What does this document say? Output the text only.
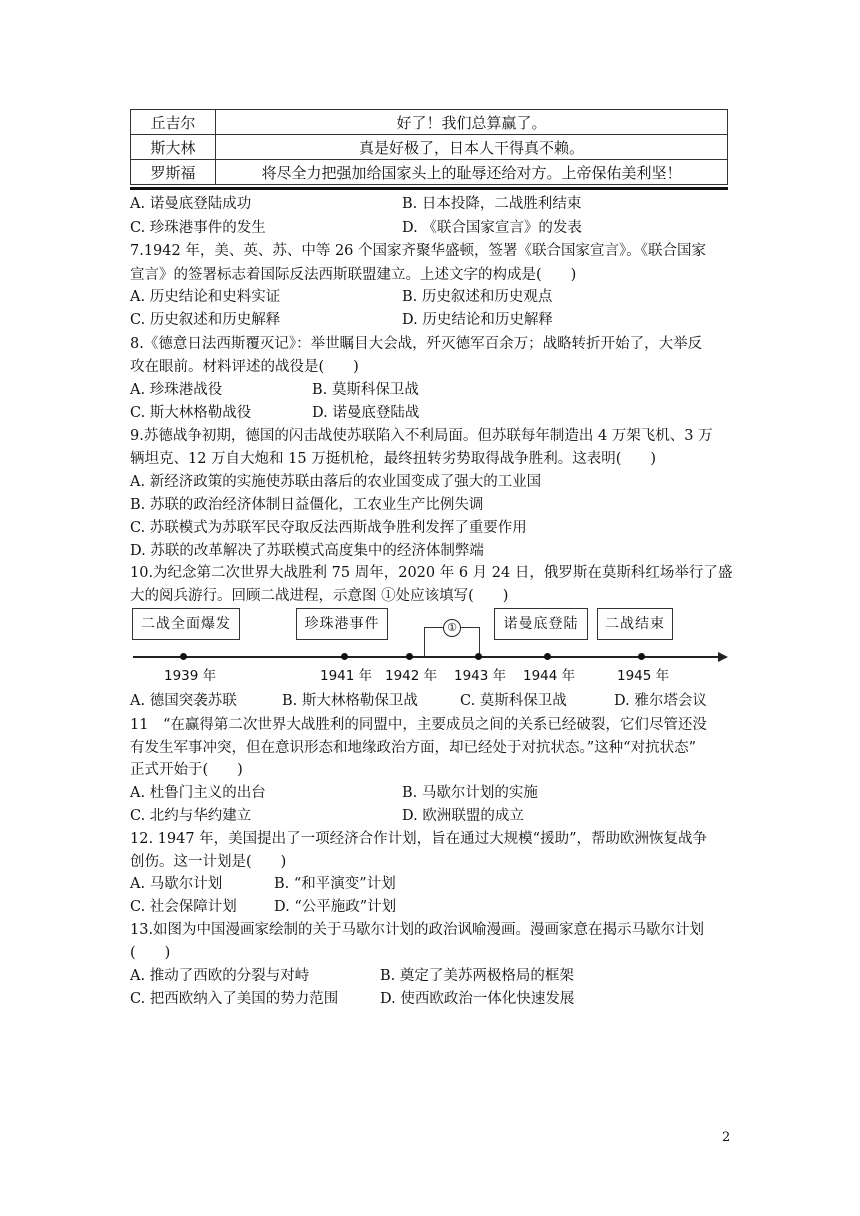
丘吉尔	好了！我们总算赢了。
斯大林	真是好极了，日本人干得真不赖。
罗斯福	将尽全力把强加给国家头上的耻辱还给对方。上帝保佑美利坚！
A. 诺曼底登陆成功	B. 日本投降，二战胜利结束
C. 珍珠港事件的发生	D. 《联合国家宣言》的发表
7.1942 年，美、英、苏、中等 26 个国家齐聚华盛顿，签署《联合国家宣言》。《联合国家
宣言》的签署标志着国际反法西斯联盟建立。上述文字的构成是(　　)
A. 历史结论和史料实证	B. 历史叙述和历史观点
C. 历史叙述和历史解释	D. 历史结论和历史解释
8.《德意日法西斯覆灭记》：举世瞩目大会战，歼灭德军百余万；战略转折开始了，大举反
攻在眼前。材料评述的战役是(　　)
A. 珍珠港战役	B. 莫斯科保卫战
C. 斯大林格勒战役	D. 诺曼底登陆战
9.苏德战争初期，德国的闪击战使苏联陷入不利局面。但苏联每年制造出 4 万架飞机、3 万
辆坦克、12 万自大炮和 15 万挺机枪，最终扭转劣势取得战争胜利。这表明(　　)
A. 新经济政策的实施使苏联由落后的农业国变成了强大的工业国
B. 苏联的政治经济体制日益僵化，工农业生产比例失调
C. 苏联模式为苏联军民夺取反法西斯战争胜利发挥了重要作用
D. 苏联的改革解决了苏联模式高度集中的经济体制弊端
10.为纪念第二次世界大战胜利 75 周年，2020 年 6 月 24 日，俄罗斯在莫斯科红场举行了盛
大的阅兵游行。回顾二战进程，示意图 ①处应该填写(　　)
二战全面爆发	珍珠港事件	诺曼底登陆	二战结束
①
1939 年	1941 年 1942 年 1943 年 1944 年	1945 年
A. 德国突袭苏联	B. 斯大林格勒保卫战	C. 莫斯科保卫战	D. 雅尔塔会议
11　“在赢得第二次世界大战胜利的同盟中，主要成员之间的关系已经破裂，它们尽管还没
有发生军事冲突，但在意识形态和地缘政治方面，却已经处于对抗状态。”这种“对抗状态”
正式开始于(　　)
A. 杜鲁门主义的出台	B. 马歇尔计划的实施
C. 北约与华约建立	D. 欧洲联盟的成立
12. 1947 年，美国提出了一项经济合作计划，旨在通过大规模“援助”，帮助欧洲恢复战争
创伤。这一计划是(　　)
A. 马歇尔计划	B. “和平演变”计划
C. 社会保障计划	D. “公平施政”计划
13.如图为中国漫画家绘制的关于马歇尔计划的政治讽喻漫画。漫画家意在揭示马歇尔计划
(　　)
A. 推动了西欧的分裂与对峙	B. 奠定了美苏两极格局的框架
C. 把西欧纳入了美国的势力范围	D. 使西欧政治一体化快速发展
2
